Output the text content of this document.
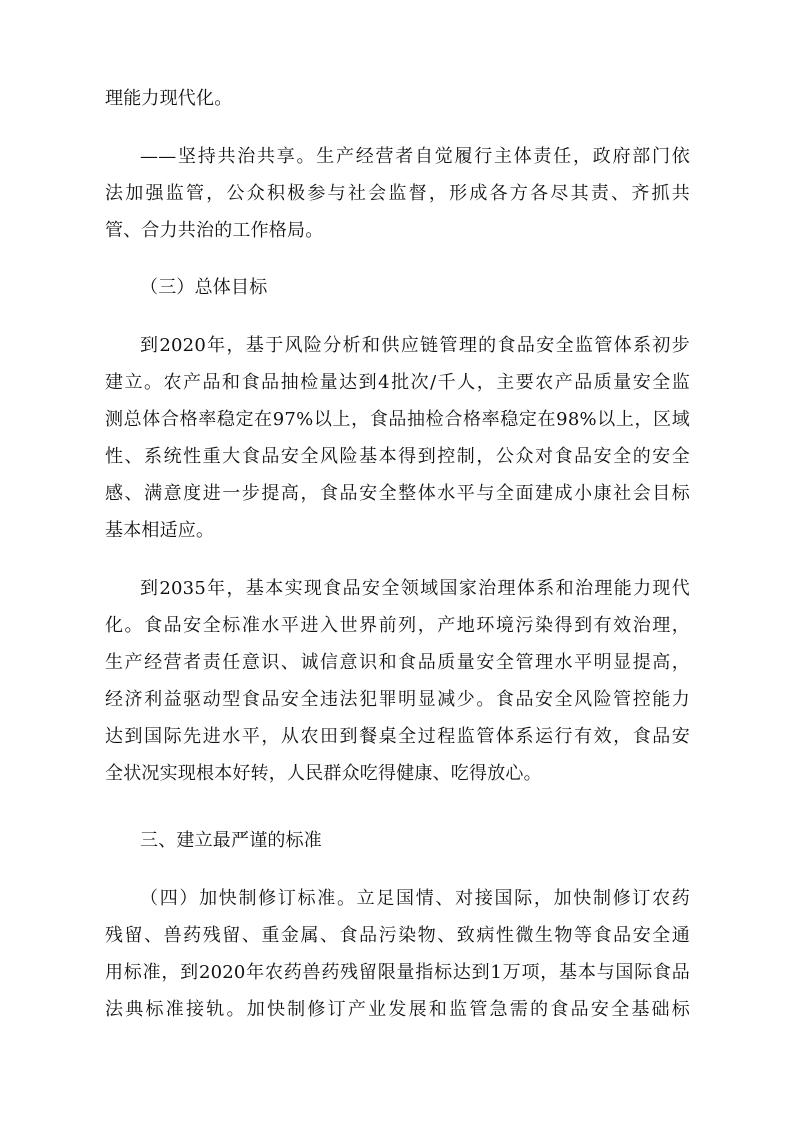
理能力现代化。
——坚持共治共享。生产经营者自觉履行主体责任，政府部门依
法加强监管，公众积极参与社会监督，形成各方各尽其责、齐抓共
管、合力共治的工作格局。
（三）总体目标
到2020年，基于风险分析和供应链管理的食品安全监管体系初步
建立。农产品和食品抽检量达到4批次/千人，主要农产品质量安全监
测总体合格率稳定在97%以上，食品抽检合格率稳定在98%以上，区域
性、系统性重大食品安全风险基本得到控制，公众对食品安全的安全
感、满意度进一步提高，食品安全整体水平与全面建成小康社会目标
基本相适应。
到2035年，基本实现食品安全领域国家治理体系和治理能力现代
化。食品安全标准水平进入世界前列，产地环境污染得到有效治理，
生产经营者责任意识、诚信意识和食品质量安全管理水平明显提高，
经济利益驱动型食品安全违法犯罪明显减少。食品安全风险管控能力
达到国际先进水平，从农田到餐桌全过程监管体系运行有效，食品安
全状况实现根本好转，人民群众吃得健康、吃得放心。
三、建立最严谨的标准
（四）加快制修订标准。立足国情、对接国际，加快制修订农药
残留、兽药残留、重金属、食品污染物、致病性微生物等食品安全通
用标准，到2020年农药兽药残留限量指标达到1万项，基本与国际食品
法典标准接轨。加快制修订产业发展和监管急需的食品安全基础标
